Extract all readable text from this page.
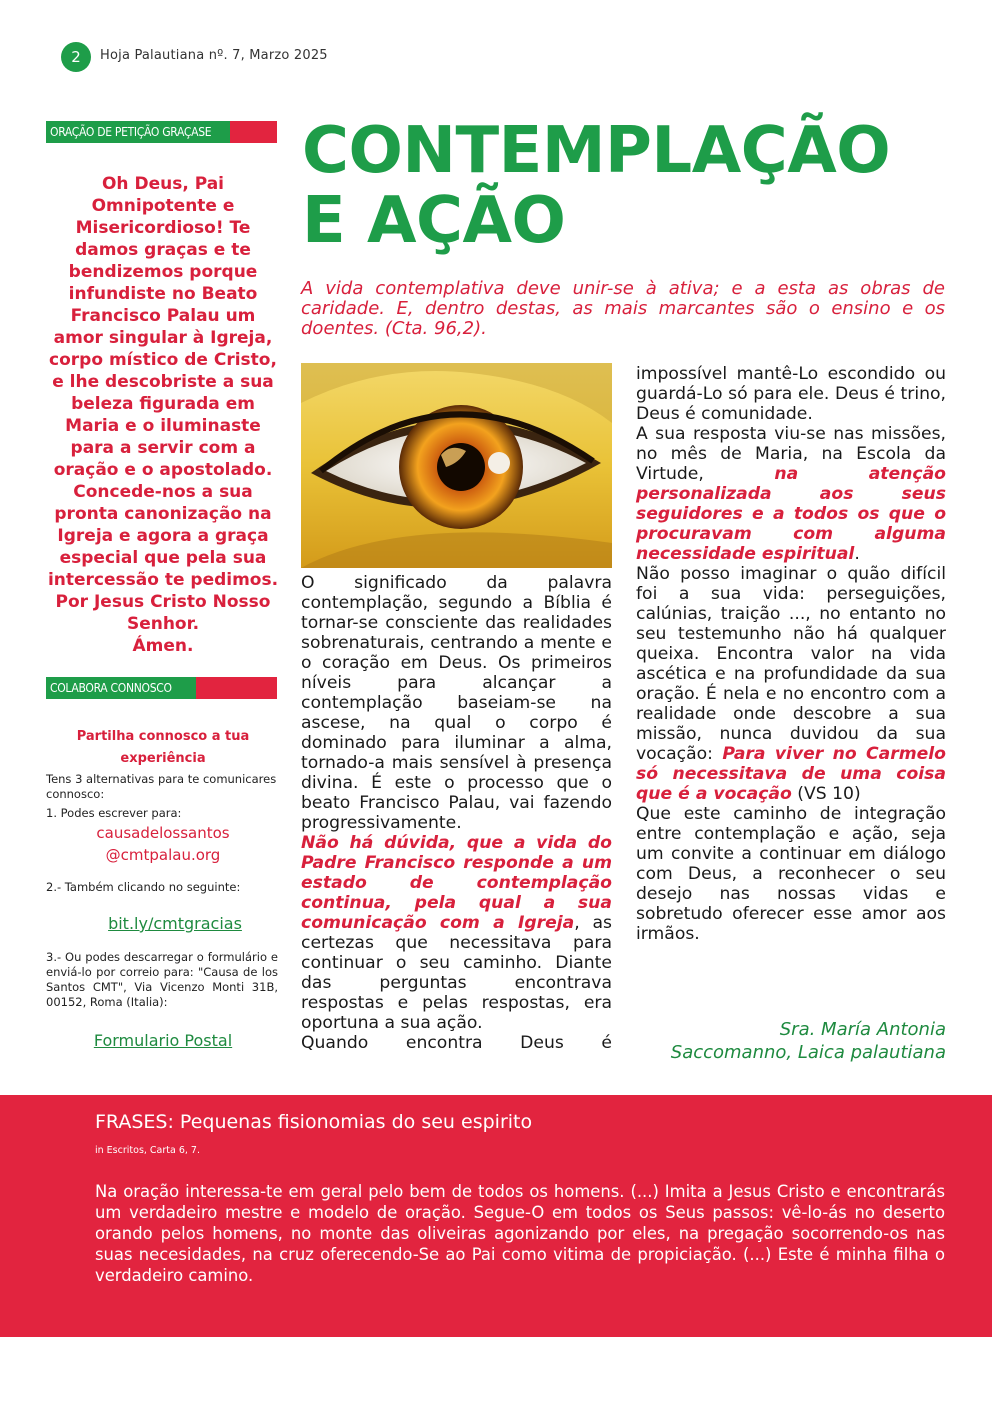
2	Hoja Palautiana nº. 7, Marzo 2025
ORAÇÃO DE PETIÇÃO GRAÇASE

Oh Deus, Pai Omnipotente e Misericordioso! Te damos graças e te bendizemos porque infundiste no Beato Francisco Palau um amor singular à Igreja, corpo místico de Cristo, e lhe descobriste a sua beleza figurada em Maria e o iluminaste para a servir com a oração e o apostolado. Concede-nos a sua pronta canonização na Igreja e agora a graça especial que pela sua intercessão te pedimos. Por Jesus Cristo Nosso Senhor.

Ámen.

COLABORA CONNOSCO
Partilha connosco a tua experiência
Tens 3 alternativas para te comunicares connosco:
1. Podes escrever para:
causadelossantos
@cmtpalau.org
2.- Também clicando no seguinte:
bit.ly/cmtgracias
3.- Ou podes descarregar o formulário e enviá-lo por correio para: "Causa de los Santos CMT", Via Vicenzo Monti 31B, 00152, Roma (Italia):
Formulario Postal
CONTEMPLAÇÃO
E AÇÃO
A vida contemplativa deve unir-se à ativa; e a esta as obras de caridade. E, dentro destas, as mais marcantes são o ensino e os doentes. (Cta. 96,2).

O significado da palavra contemplação, segundo a Bíblia é tornar-se consciente das realidades sobrenaturais, centrando a mente e o coração em Deus. Os primeiros níveis para alcançar a contemplação baseiam-se na ascese, na qual o corpo é dominado para iluminar a alma, tornado-a mais sensível à presença divina. É este o processo que o beato Francisco Palau, vai fazendo progressivamente.

Não há dúvida, que a vida do Padre Francisco responde a um estado de contemplação continua, pela qual a sua comunicação com a Igreja, as certezas que necessitava para continuar o seu caminho. Diante das perguntas encontrava respostas e pelas respostas, era oportuna a sua ação.

Quando encontra Deus é

impossível mantê-Lo escondido ou guardá-Lo só para ele. Deus é trino, Deus é comunidade.

A sua resposta viu-se nas missões, no mês de Maria, na Escola da Virtude, na atenção personalizada aos seus seguidores e a todos os que o procuravam com alguma necessidade espiritual.

Não posso imaginar o quão difícil foi a sua vida: perseguições, calúnias, traição ..., no entanto no seu testemunho não há qualquer queixa. Encontra valor na vida ascética e na profundidade da sua oração. É nela e no encontro com a realidade onde descobre a sua missão, nunca duvidou da sua vocação: Para viver no Carmelo só necessitava de uma coisa que é a vocação (VS 10)

Que este caminho de integração entre contemplação e ação, seja um convite a continuar em diálogo com Deus, a reconhecer o seu desejo nas nossas vidas e sobretudo oferecer esse amor aos irmãos.

Sra. María Antonia
Saccomanno, Laica palautiana
FRASES: Pequenas fisionomias do seu espirito
in Escritos, Carta 6, 7.
Na oração interessa-te em geral pelo bem de todos os homens. (...) Imita a Jesus Cristo e encontrarás um verdadeiro mestre e modelo de oração. Segue-O em todos os Seus passos: vê-lo-ás no deserto orando pelos homens, no monte das oliveiras agonizando por eles, na pregação socorrendo-os nas suas necesidades, na cruz oferecendo-Se ao Pai como vitima de propiciação. (...) Este é minha filha o verdadeiro camino.
